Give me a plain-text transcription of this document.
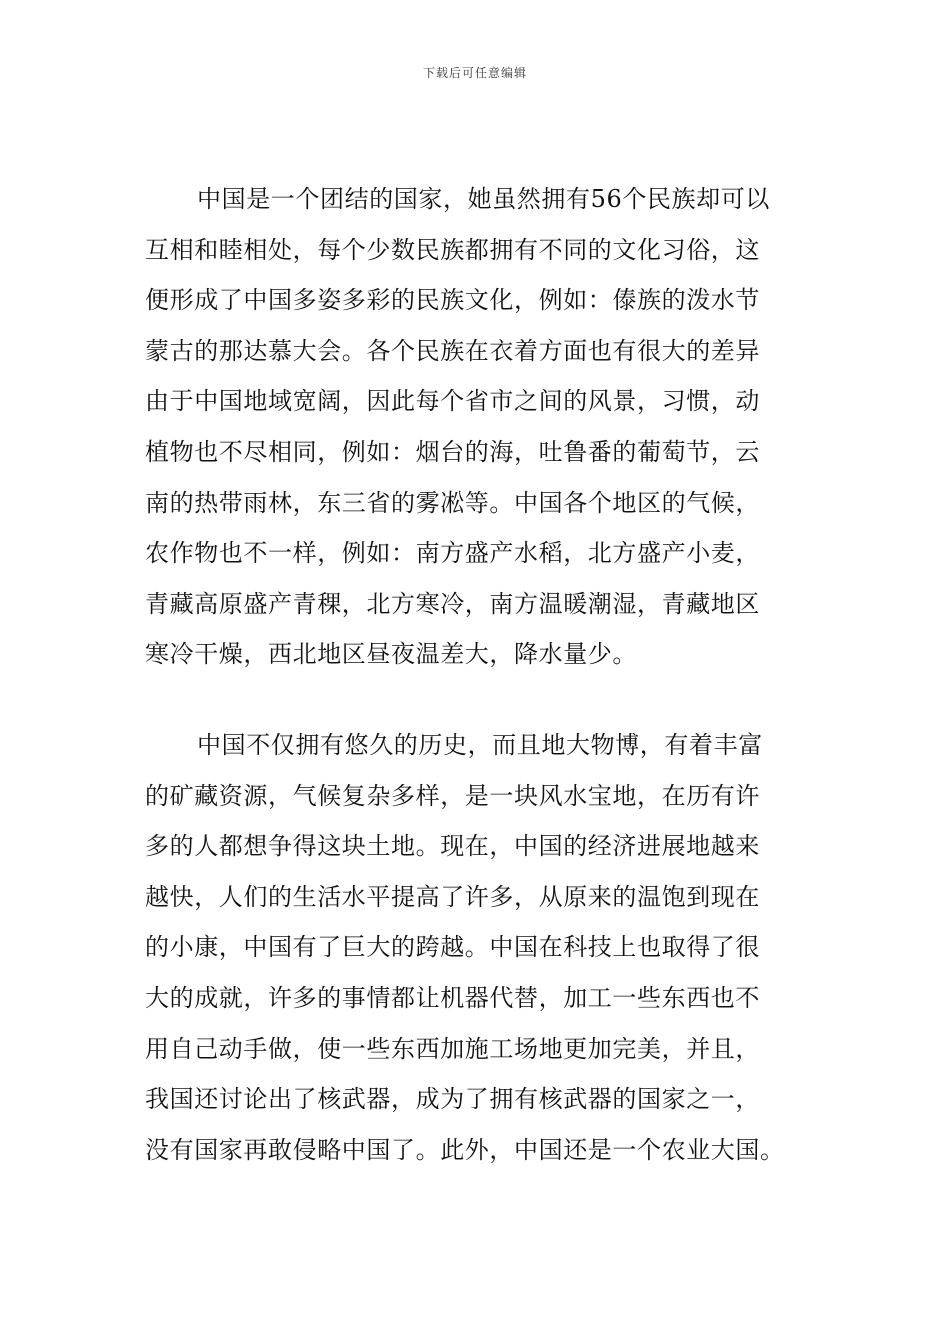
下载后可任意编辑

中国是一个团结的国家，她虽然拥有56个民族却可以
互相和睦相处，每个少数民族都拥有不同的文化习俗，这
便形成了中国多姿多彩的民族文化，例如：傣族的泼水节
蒙古的那达慕大会。各个民族在衣着方面也有很大的差异
由于中国地域宽阔，因此每个省市之间的风景，习惯，动
植物也不尽相同，例如：烟台的海，吐鲁番的葡萄节，云
南的热带雨林，东三省的雾凇等。中国各个地区的气候，
农作物也不一样，例如：南方盛产水稻，北方盛产小麦，
青藏高原盛产青稞，北方寒冷，南方温暖潮湿，青藏地区
寒冷干燥，西北地区昼夜温差大，降水量少。

中国不仅拥有悠久的历史，而且地大物博，有着丰富
的矿藏资源，气候复杂多样，是一块风水宝地，在历有许
多的人都想争得这块土地。现在，中国的经济进展地越来
越快，人们的生活水平提高了许多，从原来的温饱到现在
的小康，中国有了巨大的跨越。中国在科技上也取得了很
大的成就，许多的事情都让机器代替，加工一些东西也不
用自己动手做，使一些东西加施工场地更加完美，并且，
我国还讨论出了核武器，成为了拥有核武器的国家之一，
没有国家再敢侵略中国了。此外，中国还是一个农业大国。
